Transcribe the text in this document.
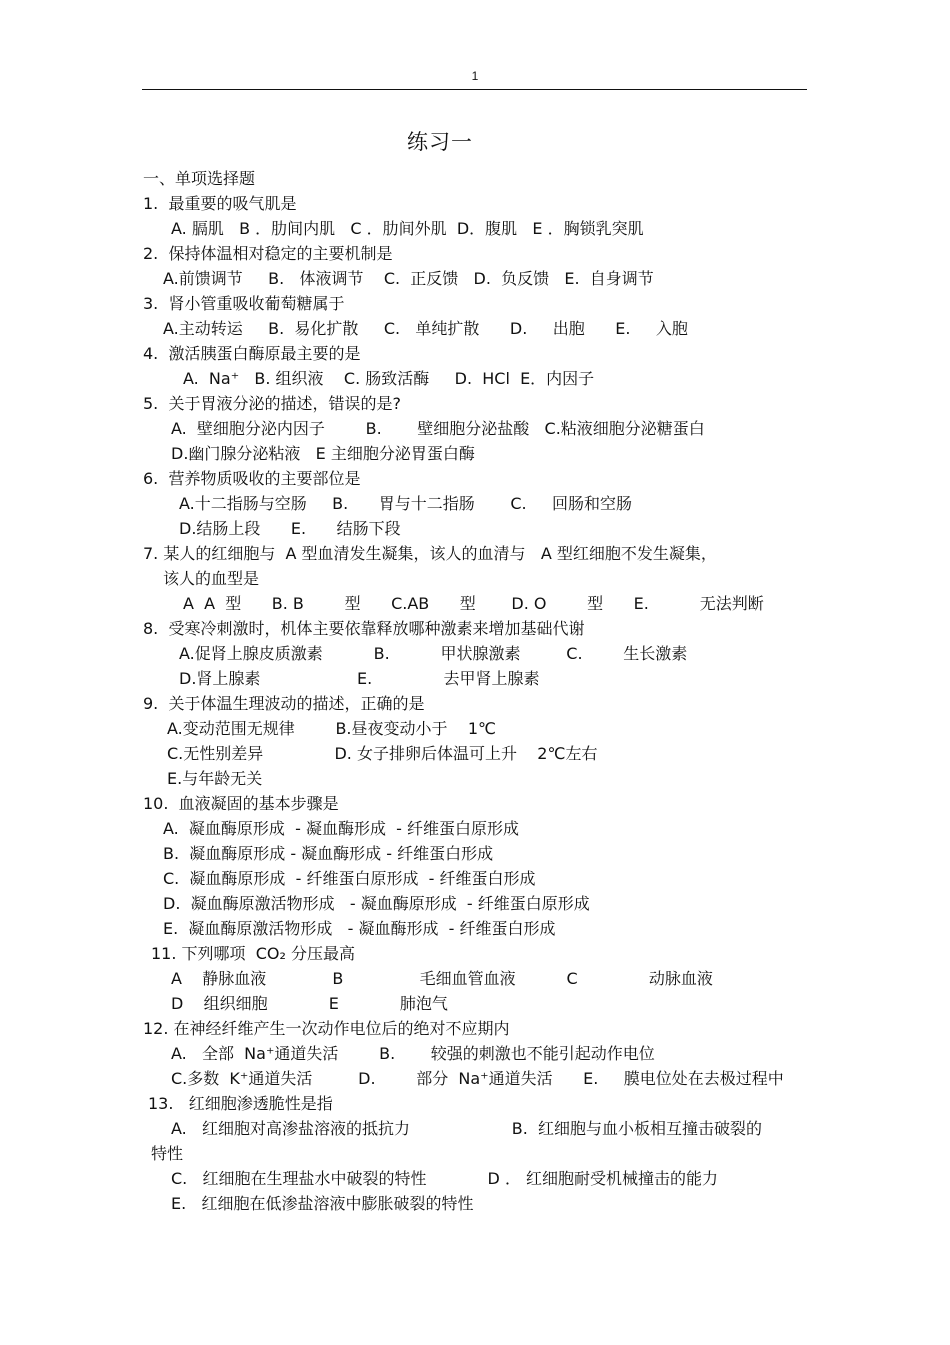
1
练习一
一、单项选择题
1.  最重要的吸气肌是
A. 膈肌   B ．肋间内肌   C ．肋间外肌  D．腹肌   E ．胸锁乳突肌
2.  保持体温相对稳定的主要机制是
A.前馈调节     B.   体液调节    C.  正反馈   D.  负反馈   E.  自身调节
3.  肾小管重吸收葡萄糖属于
A.主动转运     B.  易化扩散     C.   单纯扩散      D.     出胞      E.     入胞
4.  激活胰蛋白酶原最主要的是
A.  Na⁺   B. 组织液    C. 肠致活酶     D.  HCl  E．内因子
5.  关于胃液分泌的描述，错误的是?
A.  壁细胞分泌内因子        B.       壁细胞分泌盐酸   C.粘液细胞分泌糖蛋白
D.幽门腺分泌粘液   E 主细胞分泌胃蛋白酶
6.  营养物质吸收的主要部位是
A.十二指肠与空肠     B.      胃与十二指肠       C.     回肠和空肠
D.结肠上段      E.      结肠下段
7. 某人的红细胞与  A 型血清发生凝集，该人的血清与   A 型红细胞不发生凝集，
该人的血型是
A  A  型      B. B        型      C.AB      型       D. O        型      E.          无法判断
8.  受寒冷刺激时，机体主要依靠释放哪种激素来增加基础代谢
A.促肾上腺皮质激素          B.          甲状腺激素         C.        生长激素
D.肾上腺素                   E.              去甲肾上腺素
9.  关于体温生理波动的描述，正确的是
A.变动范围无规律        B.昼夜变动小于    1℃
C.无性别差异              D. 女子排卵后体温可上升    2℃左右
E.与年龄无关
10.  血液凝固的基本步骤是
A.  凝血酶原形成  - 凝血酶形成  - 纤维蛋白原形成
B.  凝血酶原形成 - 凝血酶形成 - 纤维蛋白形成
C.  凝血酶原形成  - 纤维蛋白原形成  - 纤维蛋白形成
D.  凝血酶原激活物形成   - 凝血酶原形成  - 纤维蛋白原形成
E.  凝血酶原激活物形成   - 凝血酶形成  - 纤维蛋白形成
11. 下列哪项  CO₂ 分压最高
A    静脉血液             B               毛细血管血液          C              动脉血液
D    组织细胞            E            肺泡气
12. 在神经纤维产生一次动作电位后的绝对不应期内
A.   全部  Na⁺通道失活        B.       较强的刺激也不能引起动作电位
C.多数  K⁺通道失活         D.        部分  Na⁺通道失活      E.     膜电位处在去极过程中
13.   红细胞渗透脆性是指
A.   红细胞对高渗盐溶液的抵抗力                    B.  红细胞与血小板相互撞击破裂的
特性
C.   红细胞在生理盐水中破裂的特性            D ． 红细胞耐受机械撞击的能力
E.   红细胞在低渗盐溶液中膨胀破裂的特性
